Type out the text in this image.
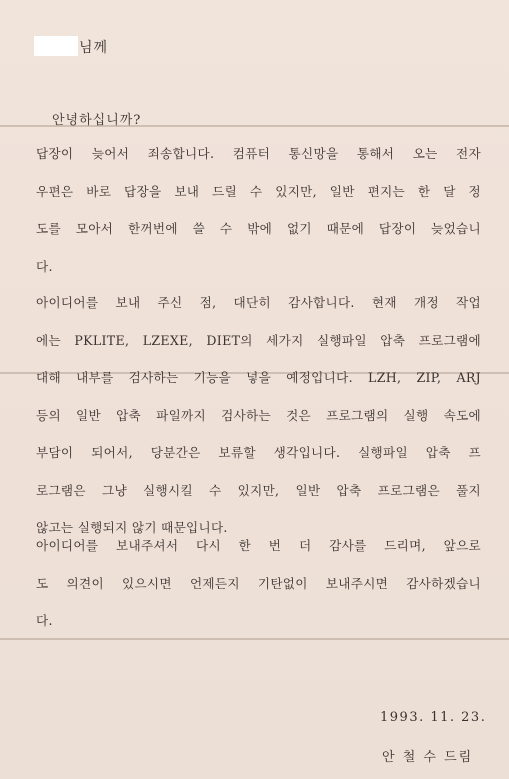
님께
안녕하십니까?
답장이 늦어서 죄송합니다. 컴퓨터 통신망을 통해서 오는 전자
우편은 바로 답장을 보내 드릴 수 있지만, 일반 편지는 한 달 정
도를 모아서 한꺼번에 쓸 수 밖에 없기 때문에 답장이 늦었습니
다.
아이디어를 보내 주신 점, 대단히 감사합니다. 현재 개정 작업
에는 PKLITE, LZEXE, DIET의 세가지 실행파일 압축 프로그램에
대해 내부를 검사하는 기능을 넣을 예정입니다. LZH, ZIP, ARJ
등의 일반 압축 파일까지 검사하는 것은 프로그램의 실행 속도에
부담이 되어서, 당분간은 보류할 생각입니다. 실행파일 압축 프
로그램은 그냥 실행시킬 수 있지만, 일반 압축 프로그램은 풀지
않고는 실행되지 않기 때문입니다.
아이디어를 보내주셔서 다시 한 번 더 감사를 드리며, 앞으로
도 의견이 있으시면 언제든지 기탄없이 보내주시면 감사하겠습니
다.
1993. 11. 23.
안 철 수 드림
